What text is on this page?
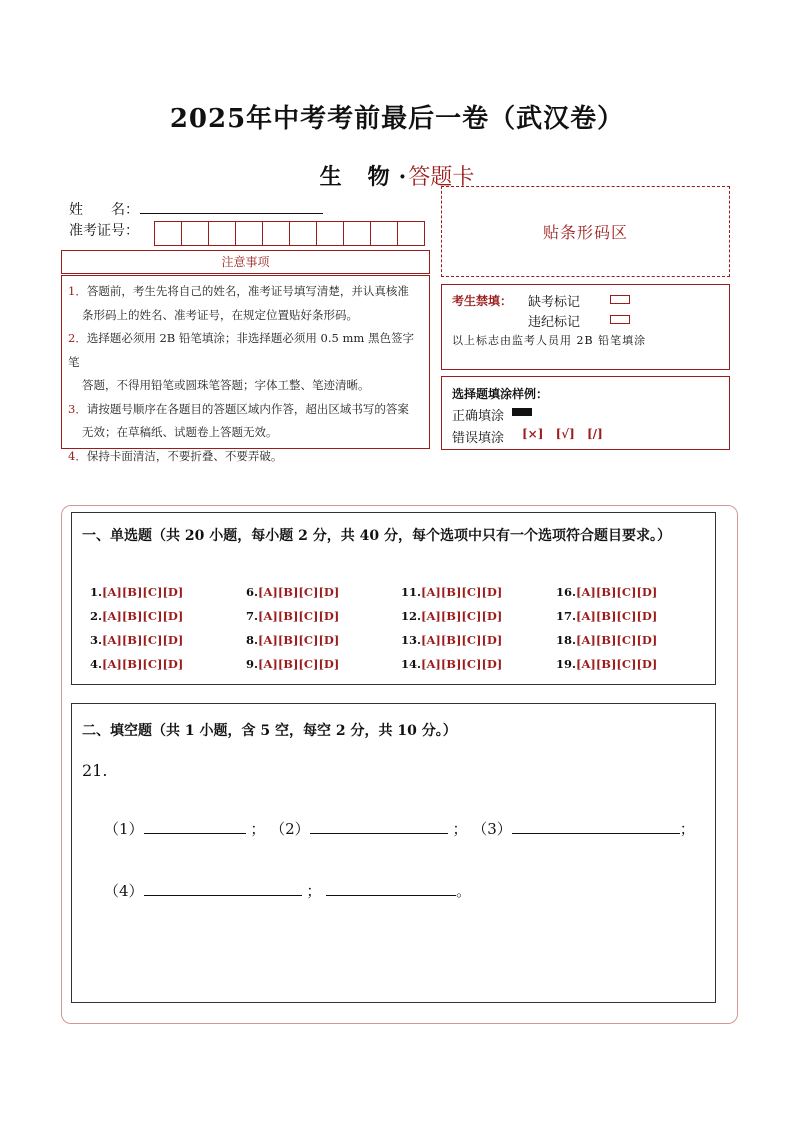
2025年中考考前最后一卷（武汉卷）
生　物 ·答题卡
姓　　名：
准考证号：	贴条形码区
注意事项
1．答题前，考生先将自己的姓名，准考证号填写清楚，并认真核准
条形码上的姓名、准考证号，在规定位置贴好条形码。
2．选择题必须用 2B 铅笔填涂；非选择题必须用 0.5 mm 黑色签字笔
答题，不得用铅笔或圆珠笔答题；字体工整、笔迹清晰。
3．请按题号顺序在各题目的答题区域内作答，超出区域书写的答案
无效；在草稿纸、试题卷上答题无效。
4．保持卡面清洁，不要折叠、不要弄破。
考生禁填： 缺考标记
违纪标记
以上标志由监考人员用 2B 铅笔填涂
选择题填涂样例：
正确填涂
错误填涂 [×] [√] [/]
一、单选题（共 20 小题，每小题 2 分，共 40 分，每个选项中只有一个选项符合题目要求。）
1.[A][B][C][D]	6.[A][B][C][D]	11.[A][B][C][D]	16.[A][B][C][D]
2.[A][B][C][D]	7.[A][B][C][D]	12.[A][B][C][D]	17.[A][B][C][D]
3.[A][B][C][D]	8.[A][B][C][D]	13.[A][B][C][D]	18.[A][B][C][D]
4.[A][B][C][D]	9.[A][B][C][D]	14.[A][B][C][D]	19.[A][B][C][D]
二、填空题（共 1 小题，含 5 空，每空 2 分，共 10 分。）
21.
（1）	； （2）	； （3）	；
（4）	；	。
